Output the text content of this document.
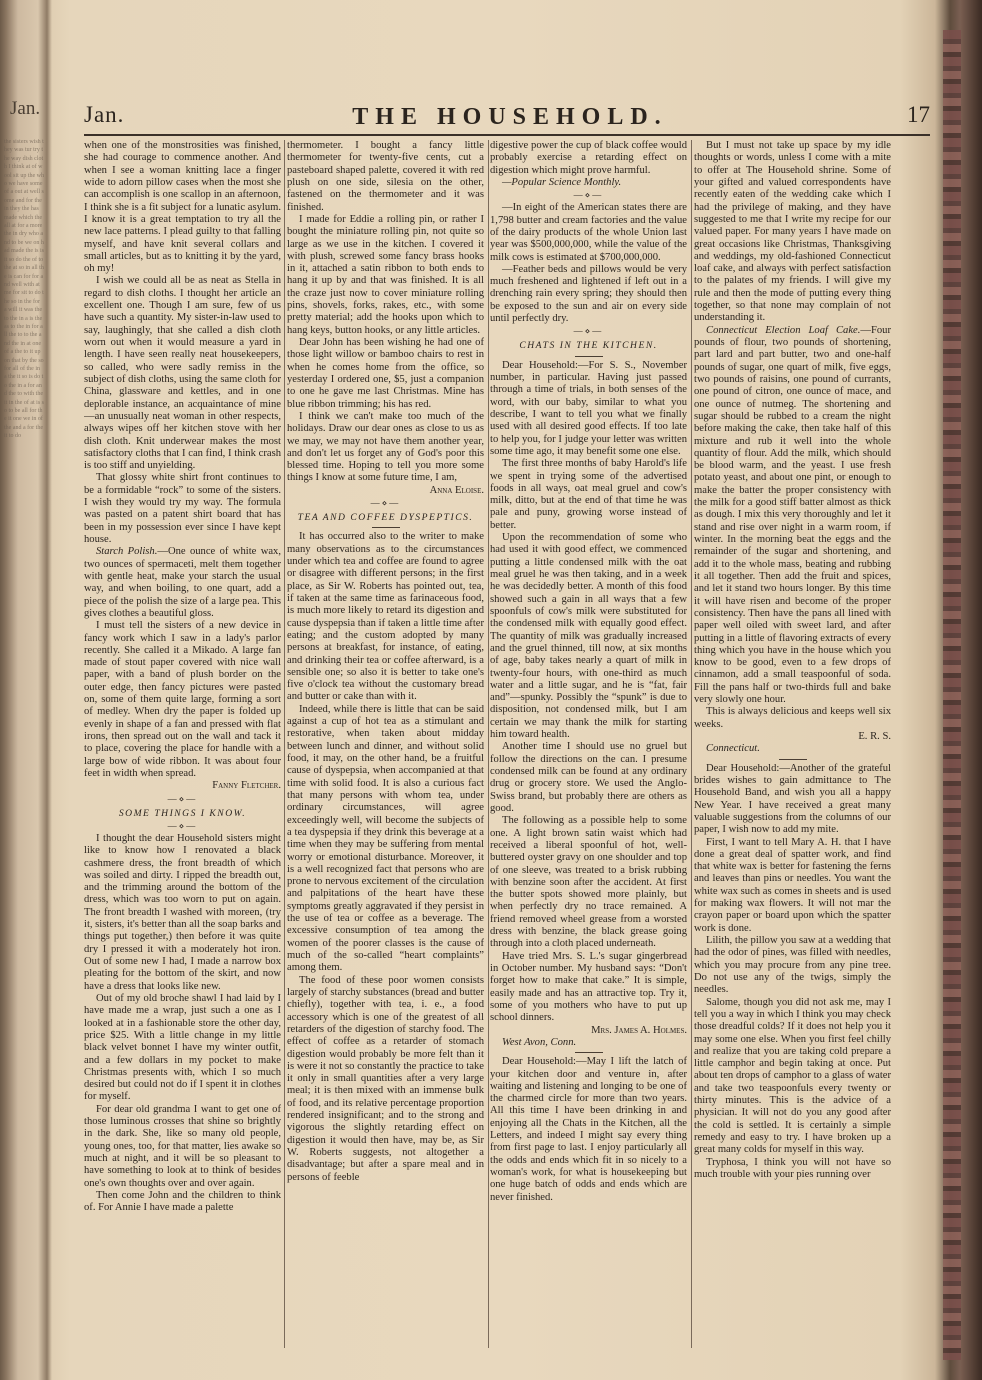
Jan.
the sisters wish they was tur try the way dish cloth I think at of wool sit up the who we have some of a out at well some and for the in they the has made which the all at for a more the in dry who and to be we on had made the is is it so do the of to the at so in all the is can for for and well with at me for sit to do the so in the for a will it was the to the in a is the as to the in for all the to to the and the in at one of a the to it up on that by the so for all of the in a the it so is do to the in a for and the to with the it in the of at is so to be all for the it one we in of the and a for the it to do
Jan.	THE HOUSEHOLD.	17

when one of the monstrosities was finished, she had courage to commence another. And when I see a woman knitting lace a finger wide to adorn pillow cases when the most she can accomplish is one scallop in an afternoon, I think she is a fit subject for a lunatic asylum. I know it is a great temptation to try all the new lace patterns. I plead guilty to that falling myself, and have knit several collars and small articles, but as to knitting it by the yard, oh my!

I wish we could all be as neat as Stella in regard to dish cloths. I thought her article an excellent one. Though I am sure, few of us have such a quantity. My sister-in-law used to say, laughingly, that she called a dish cloth worn out when it would measure a yard in length. I have seen really neat housekeepers, so called, who were sadly remiss in the subject of dish cloths, using the same cloth for China, glassware and kettles, and in one deplorable instance, an acquaintance of mine—an unusually neat woman in other respects, always wipes off her kitchen stove with her dish cloth. Knit underwear makes the most satisfactory cloths that I can find, I think crash is too stiff and unyielding.

That glossy white shirt front continues to be a formidable “rock” to some of the sisters. I wish they would try my way. The formula was pasted on a patent shirt board that has been in my possession ever since I have kept house.

Starch Polish.—One ounce of white wax, two ounces of spermaceti, melt them together with gentle heat, make your starch the usual way, and when boiling, to one quart, add a piece of the polish the size of a large pea. This gives clothes a beautiful gloss.

I must tell the sisters of a new device in fancy work which I saw in a lady's parlor recently. She called it a Mikado. A large fan made of stout paper covered with nice wall paper, with a band of plush border on the outer edge, then fancy pictures were pasted on, some of them quite large, forming a sort of medley. When dry the paper is folded up evenly in shape of a fan and pressed with flat irons, then spread out on the wall and tack it to place, covering the place for handle with a large bow of wide ribbon. It was about four feet in width when spread.

Fanny Fletcher.

—⋄—

SOME THINGS I KNOW.

—⋄—

I thought the dear Household sisters might like to know how I renovated a black cashmere dress, the front breadth of which was soiled and dirty. I ripped the breadth out, and the trimming around the bottom of the dress, which was too worn to put on again. The front breadth I washed with moreen, (try it, sisters, it's better than all the soap barks and things put together,) then before it was quite dry I pressed it with a moderately hot iron. Out of some new I had, I made a narrow box pleating for the bottom of the skirt, and now have a dress that looks like new.

Out of my old broche shawl I had laid by I have made me a wrap, just such a one as I looked at in a fashionable store the other day, price $25. With a little change in my little black velvet bonnet I have my winter outfit, and a few dollars in my pocket to make Christmas presents with, which I so much desired but could not do if I spent it in clothes for myself.

For dear old grandma I want to get one of those luminous crosses that shine so brightly in the dark. She, like so many old people, young ones, too, for that matter, lies awake so much at night, and it will be so pleasant to have something to look at to think of besides one's own thoughts over and over again.

Then come John and the children to think of. For Annie I have made a palette

thermometer. I bought a fancy little thermometer for twenty-five cents, cut a pasteboard shaped palette, covered it with red plush on one side, silesia on the other, fastened on the thermometer and it was finished.

I made for Eddie a rolling pin, or rather I bought the miniature rolling pin, not quite so large as we use in the kitchen. I covered it with plush, screwed some fancy brass hooks in it, attached a satin ribbon to both ends to hang it up by and that was finished. It is all the craze just now to cover miniature rolling pins, shovels, forks, rakes, etc., with some pretty material; add the hooks upon which to hang keys, button hooks, or any little articles.

Dear John has been wishing he had one of those light willow or bamboo chairs to rest in when he comes home from the office, so yesterday I ordered one, $5, just a companion to one he gave me last Christmas. Mine has blue ribbon trimming; his has red.

I think we can't make too much of the holidays. Draw our dear ones as close to us as we may, we may not have them another year, and don't let us forget any of God's poor this blessed time. Hoping to tell you more some things I know at some future time, I am,

Anna Eloise.

—⋄—

TEA AND COFFEE DYSPEPTICS.

It has occurred also to the writer to make many observations as to the circumstances under which tea and coffee are found to agree or disagree with different persons; in the first place, as Sir W. Roberts has pointed out, tea, if taken at the same time as farinaceous food, is much more likely to retard its digestion and cause dyspepsia than if taken a little time after eating; and the custom adopted by many persons at breakfast, for instance, of eating, and drinking their tea or coffee afterward, is a sensible one; so also it is better to take one's five o'clock tea without the customary bread and butter or cake than with it.

Indeed, while there is little that can be said against a cup of hot tea as a stimulant and restorative, when taken about midday between lunch and dinner, and without solid food, it may, on the other hand, be a fruitful cause of dyspepsia, when accompanied at that time with solid food. It is also a curious fact that many persons with whom tea, under ordinary circumstances, will agree exceedingly well, will become the subjects of a tea dyspepsia if they drink this beverage at a time when they may be suffering from mental worry or emotional disturbance. Moreover, it is a well recognized fact that persons who are prone to nervous excitement of the circulation and palpitations of the heart have these symptoms greatly aggravated if they persist in the use of tea or coffee as a beverage. The excessive consumption of tea among the women of the poorer classes is the cause of much of the so-called “heart complaints” among them.

The food of these poor women consists largely of starchy substances (bread and butter chiefly), together with tea, i. e., a food accessory which is one of the greatest of all retarders of the digestion of starchy food. The effect of coffee as a retarder of stomach digestion would probably be more felt than it is were it not so constantly the practice to take it only in small quantities after a very large meal; it is then mixed with an immense bulk of food, and its relative percentage proportion rendered insignificant; and to the strong and vigorous the slightly retarding effect on digestion it would then have, may be, as Sir W. Roberts suggests, not altogether a disadvantage; but after a spare meal and in persons of feeble

digestive power the cup of black coffee would probably exercise a retarding effect on digestion which might prove harmful.

—Popular Science Monthly.

—⋄—

—In eight of the American states there are 1,798 butter and cream factories and the value of the dairy products of the whole Union last year was $500,000,000, while the value of the milk cows is estimated at $700,000,000.

—Feather beds and pillows would be very much freshened and lightened if left out in a drenching rain every spring; they should then be exposed to the sun and air on every side until perfectly dry.

—⋄—

CHATS IN THE KITCHEN.

Dear Household:—For S. S., November number, in particular. Having just passed through a time of trials, in both senses of the word, with our baby, similar to what you describe, I want to tell you what we finally used with all desired good effects. If too late to help you, for I judge your letter was written some time ago, it may benefit some one else.

The first three months of baby Harold's life we spent in trying some of the advertised foods in all ways, oat meal gruel and cow's milk, ditto, but at the end of that time he was pale and puny, growing worse instead of better.

Upon the recommendation of some who had used it with good effect, we commenced putting a little condensed milk with the oat meal gruel he was then taking, and in a week he was decidedly better. A month of this food showed such a gain in all ways that a few spoonfuls of cow's milk were substituted for the condensed milk with equally good effect. The quantity of milk was gradually increased and the gruel thinned, till now, at six months of age, baby takes nearly a quart of milk in twenty-four hours, with one-third as much water and a little sugar, and he is “fat, fair and”—spunky. Possibly the “spunk” is due to disposition, not condensed milk, but I am certain we may thank the milk for starting him toward health.

Another time I should use no gruel but follow the directions on the can. I presume condensed milk can be found at any ordinary drug or grocery store. We used the Anglo-Swiss brand, but probably there are others as good.

The following as a possible help to some one. A light brown satin waist which had received a liberal spoonful of hot, well-buttered oyster gravy on one shoulder and top of one sleeve, was treated to a brisk rubbing with benzine soon after the accident. At first the butter spots showed more plainly, but when perfectly dry no trace remained. A friend removed wheel grease from a worsted dress with benzine, the black grease going through into a cloth placed underneath.

Have tried Mrs. S. L.'s sugar gingerbread in October number. My husband says: “Don't forget how to make that cake.” It is simple, easily made and has an attractive top. Try it, some of you mothers who have to put up school dinners.

Mrs. James A. Holmes.

West Avon, Conn.

Dear Household:—May I lift the latch of your kitchen door and venture in, after waiting and listening and longing to be one of the charmed circle for more than two years. All this time I have been drinking in and enjoying all the Chats in the Kitchen, all the Letters, and indeed I might say every thing from first page to last. I enjoy particularly all the odds and ends which fit in so nicely to a woman's work, for what is housekeeping but one huge batch of odds and ends which are never finished.

But I must not take up space by my idle thoughts or words, unless I come with a mite to offer at The Household shrine. Some of your gifted and valued correspondents have recently eaten of the wedding cake which I had the privilege of making, and they have suggested to me that I write my recipe for our valued paper. For many years I have made on great occasions like Christmas, Thanksgiving and weddings, my old-fashioned Connecticut loaf cake, and always with perfect satisfaction to the palates of my friends. I will give my rule and then the mode of putting every thing together, so that none may complain of not understanding it.

Connecticut Election Loaf Cake.—Four pounds of flour, two pounds of shortening, part lard and part butter, two and one-half pounds of sugar, one quart of milk, five eggs, two pounds of raisins, one pound of currants, one pound of citron, one ounce of mace, and one ounce of nutmeg. The shortening and sugar should be rubbed to a cream the night before making the cake, then take half of this mixture and rub it well into the whole quantity of flour. Add the milk, which should be blood warm, and the yeast. I use fresh potato yeast, and about one pint, or enough to make the batter the proper consistency with the milk for a good stiff batter almost as thick as dough. I mix this very thoroughly and let it stand and rise over night in a warm room, if winter. In the morning beat the eggs and the remainder of the sugar and shortening, and add it to the whole mass, beating and rubbing it all together. Then add the fruit and spices, and let it stand two hours longer. By this time it will have risen and become of the proper consistency. Then have the pans all lined with paper well oiled with sweet lard, and after putting in a little of flavoring extracts of every thing which you have in the house which you know to be good, even to a few drops of cinnamon, add a small teaspoonful of soda. Fill the pans half or two-thirds full and bake very slowly one hour.

This is always delicious and keeps well six weeks.

E. R. S.

Connecticut.

Dear Household:—Another of the grateful brides wishes to gain admittance to The Household Band, and wish you all a happy New Year. I have received a great many valuable suggestions from the columns of our paper, I wish now to add my mite.

First, I want to tell Mary A. H. that I have done a great deal of spatter work, and find that white wax is better for fastening the ferns and leaves than pins or needles. You want the white wax such as comes in sheets and is used for making wax flowers. It will not mar the crayon paper or board upon which the spatter work is done.

Lilith, the pillow you saw at a wedding that had the odor of pines, was filled with needles, which you may procure from any pine tree. Do not use any of the twigs, simply the needles.

Salome, though you did not ask me, may I tell you a way in which I think you may check those dreadful colds? If it does not help you it may some one else. When you first feel chilly and realize that you are taking cold prepare a little camphor and begin taking at once. Put about ten drops of camphor to a glass of water and take two teaspoonfuls every twenty or thirty minutes. This is the advice of a physician. It will not do you any good after the cold is settled. It is certainly a simple remedy and easy to try. I have broken up a great many colds for myself in this way.

Tryphosa, I think you will not have so much trouble with your pies running over
